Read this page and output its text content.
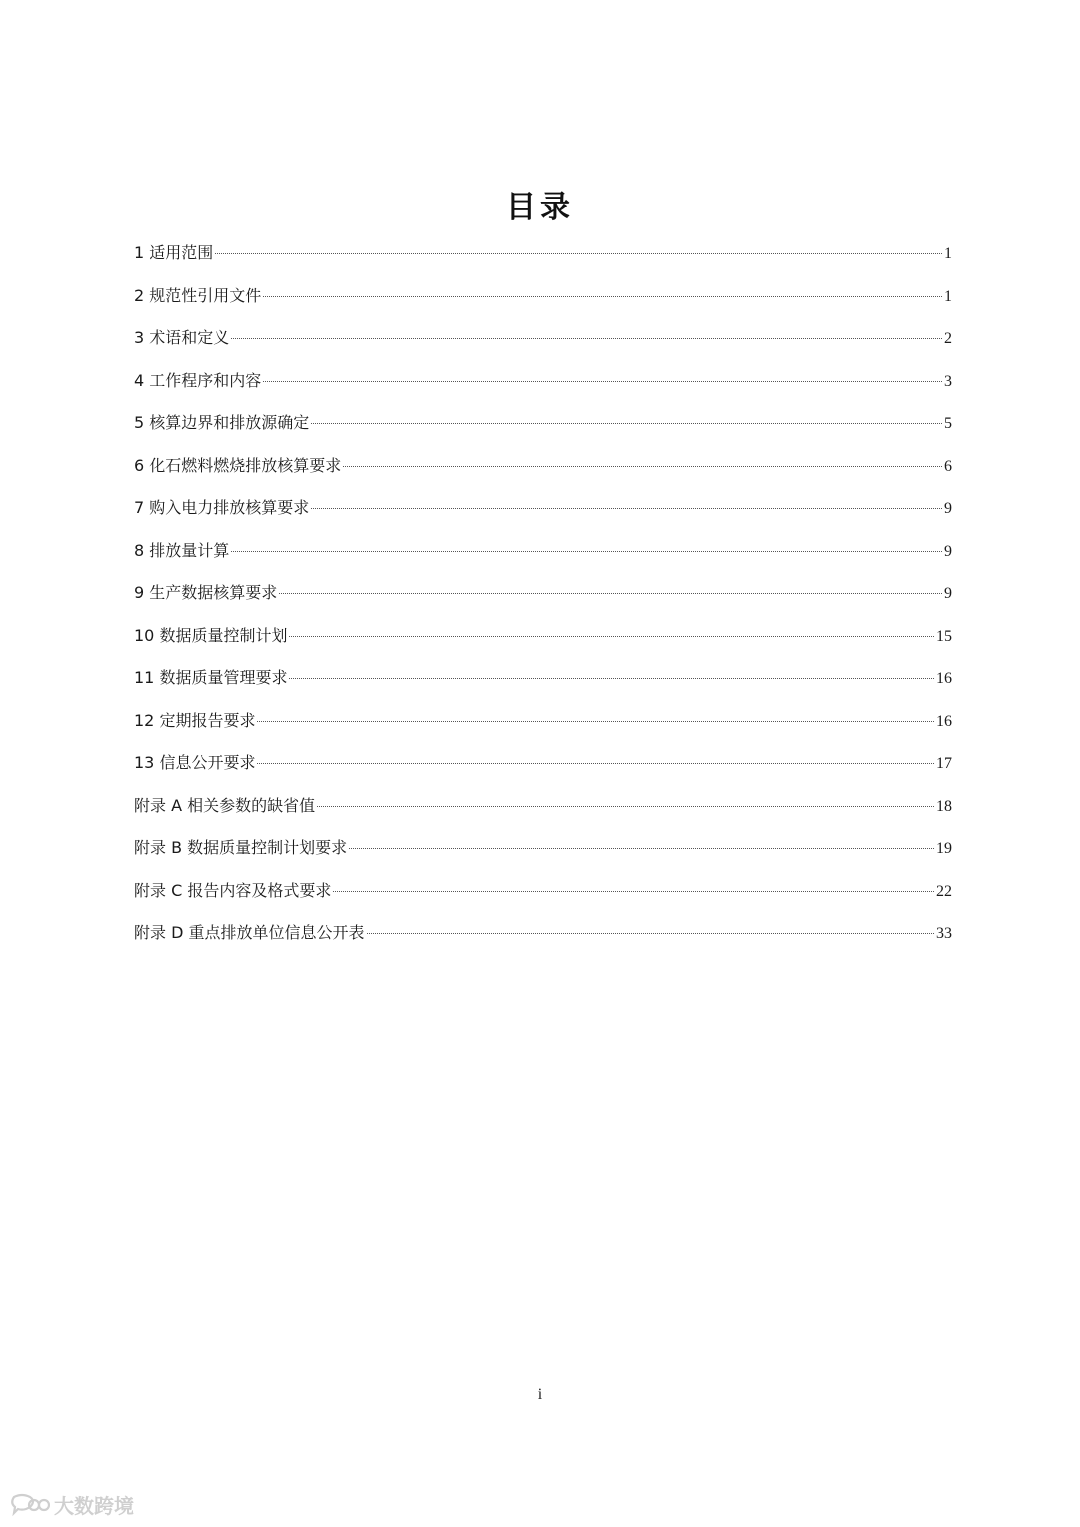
目录
1 适用范围	1
2 规范性引用文件	1
3 术语和定义	2
4 工作程序和内容	3
5 核算边界和排放源确定	5
6 化石燃料燃烧排放核算要求	6
7 购入电力排放核算要求	9
8 排放量计算	9
9 生产数据核算要求	9
10 数据质量控制计划	15
11 数据质量管理要求	16
12 定期报告要求	16
13 信息公开要求	17
附录 A 相关参数的缺省值	18
附录 B 数据质量控制计划要求	19
附录 C 报告内容及格式要求	22
附录 D 重点排放单位信息公开表	33
i
大数跨境
